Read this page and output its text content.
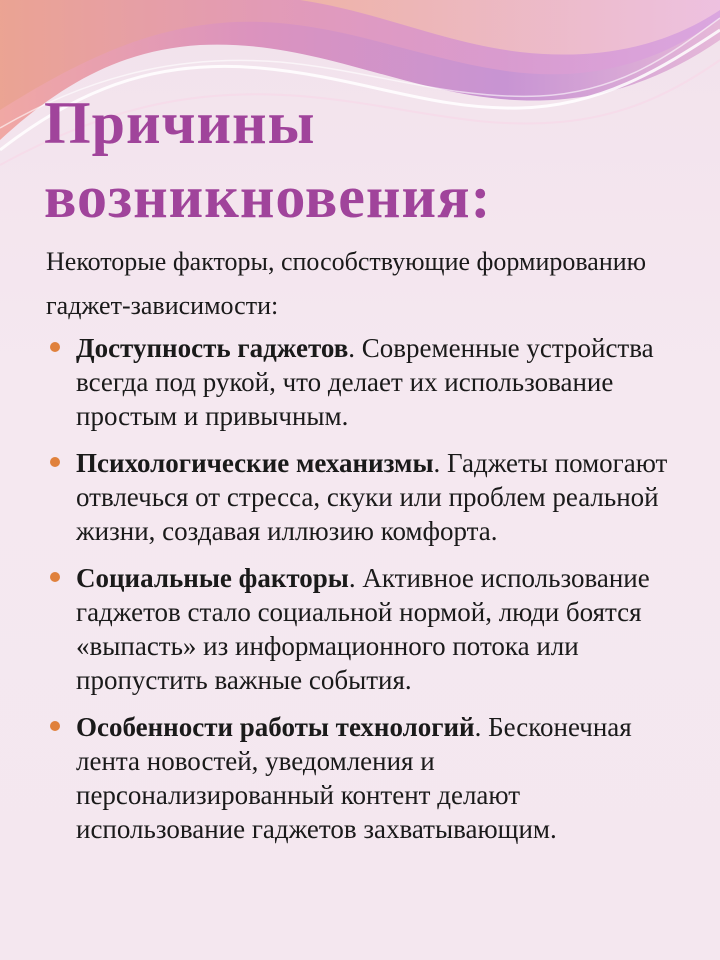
Причины
возникновения:

Некоторые факторы, способствующие формированию гаджет-зависимости:

Доступность гаджетов. Современные устройства всегда под рукой, что делает их использование простым и привычным.
Психологические механизмы. Гаджеты помогают отвлечься от стресса, скуки или проблем реальной жизни, создавая иллюзию комфорта.
Социальные факторы. Активное использование гаджетов стало социальной нормой, люди боятся «выпасть» из информационного потока или пропустить важные события.
Особенности работы технологий. Бесконечная лента новостей, уведомления и персонализированный контент делают использование гаджетов захватывающим.
